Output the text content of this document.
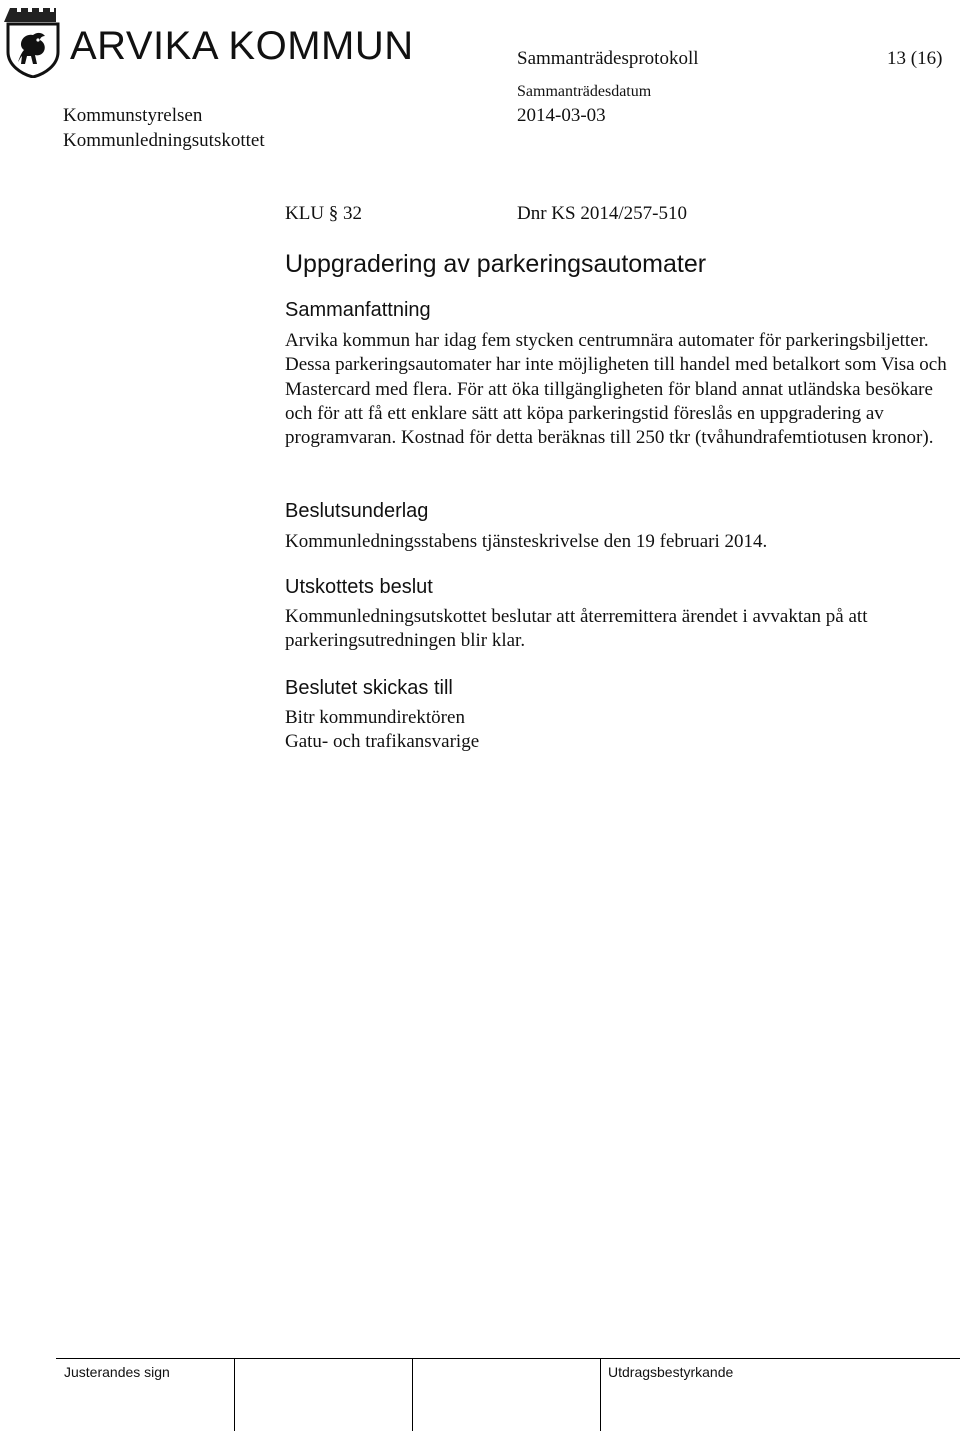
ARVIKA KOMMUN	Sammanträdesprotokoll	13 (16)
Kommunstyrelsen
Sammanträdesdatum
2014-03-03
Kommunledningsutskottet
KLU § 32	Dnr KS 2014/257-510
Uppgradering av parkeringsautomater
Sammanfattning

Arvika kommun har idag fem stycken centrumnära automater för parkeringsbiljetter. Dessa parkeringsautomater har inte möjligheten till handel med betalkort som Visa och Mastercard med flera. För att öka tillgängligheten för bland annat utländska besökare och för att få ett enklare sätt att köpa parkeringstid föreslås en uppgradering av programvaran. Kostnad för detta beräknas till 250 tkr (tvåhundrafemtiotusen kronor).

Beslutsunderlag

Kommunledningsstabens tjänsteskrivelse den 19 februari 2014.

Utskottets beslut

Kommunledningsutskottet beslutar att återremittera ärendet i avvaktan på att parkeringsutredningen blir klar.

Beslutet skickas till

Bitr kommundirektören

Gatu- och trafikansvarige

Justerandes sign	Utdragsbestyrkande
